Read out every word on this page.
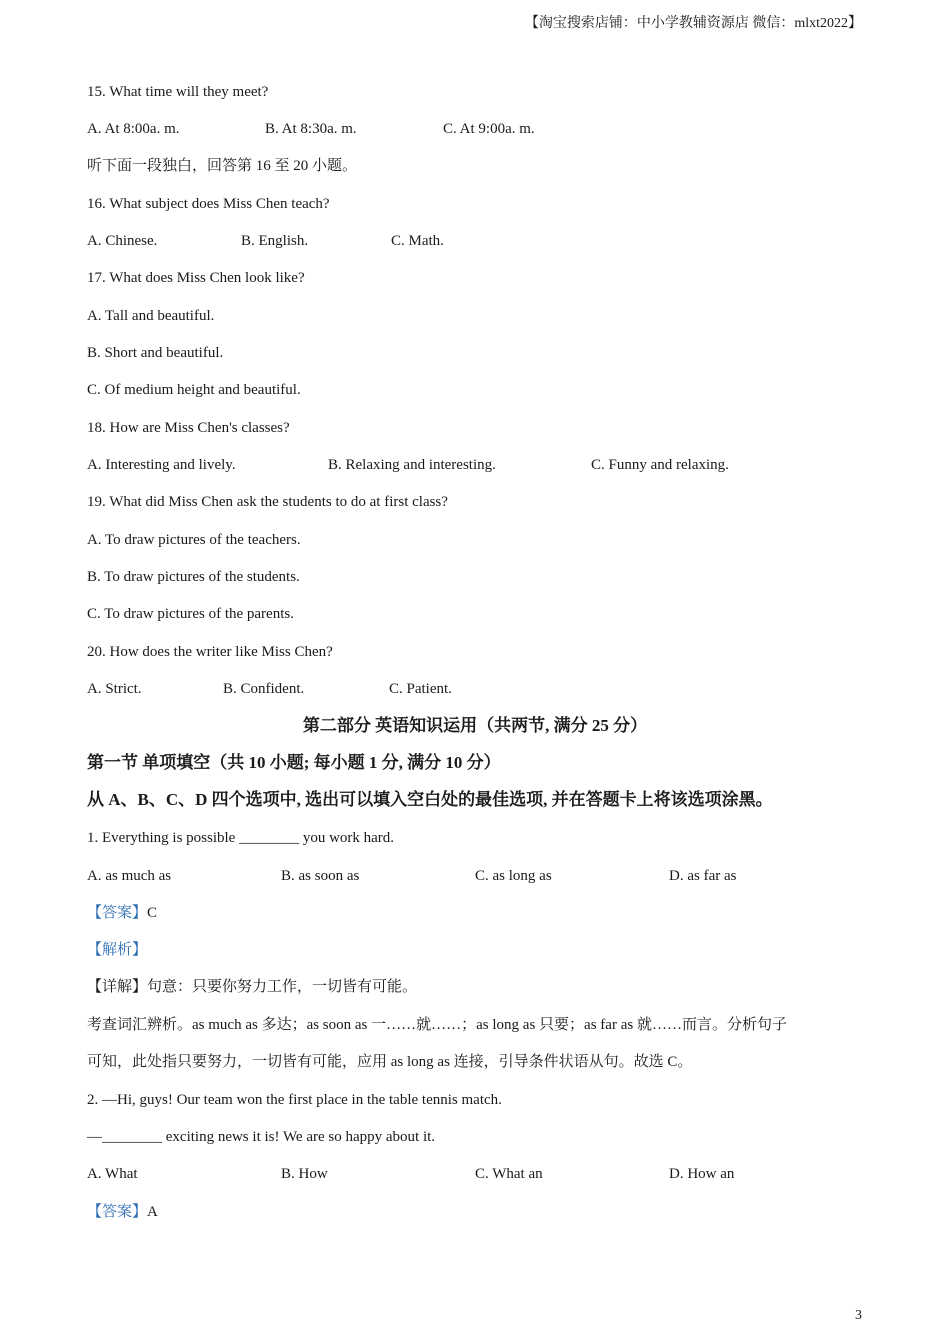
【淘宝搜索店铺：中小学教辅资源店 微信：mlxt2022】
15. What time will they meet?
A. At 8:00a. m.	B. At 8:30a. m.	C. At 9:00a. m.
听下面一段独白，回答第 16 至 20 小题。
16. What subject does Miss Chen teach?
A. Chinese.	B. English.	C. Math.
17. What does Miss Chen look like?
A. Tall and beautiful.
B. Short and beautiful.
C. Of medium height and beautiful.
18. How are Miss Chen's classes?
A. Interesting and lively.	B. Relaxing and interesting.	C. Funny and relaxing.
19. What did Miss Chen ask the students to do at first class?
A. To draw pictures of the teachers.
B. To draw pictures of the students.
C. To draw pictures of the parents.
20. How does the writer like Miss Chen?
A. Strict.	B. Confident.	C. Patient.
第二部分 英语知识运用（共两节, 满分 25 分）
第一节 单项填空（共 10 小题; 每小题 1 分, 满分 10 分）
从 A、B、C、D 四个选项中, 选出可以填入空白处的最佳选项, 并在答题卡上将该选项涂黑。
1. Everything is possible ________ you work hard.
A. as much as	B. as soon as	C. as long as	D. as far as
【答案】C
【解析】
【详解】句意：只要你努力工作，一切皆有可能。
考查词汇辨析。as much as 多达；as soon as 一……就……；as long as 只要；as far as 就……而言。分析句子
可知，此处指只要努力，一切皆有可能，应用 as long as 连接，引导条件状语从句。故选 C。
2. —Hi, guys! Our team won the first place in the table tennis match.
—________ exciting news it is! We are so happy about it.
A. What	B. How	C. What an	D. How an
【答案】A
3
